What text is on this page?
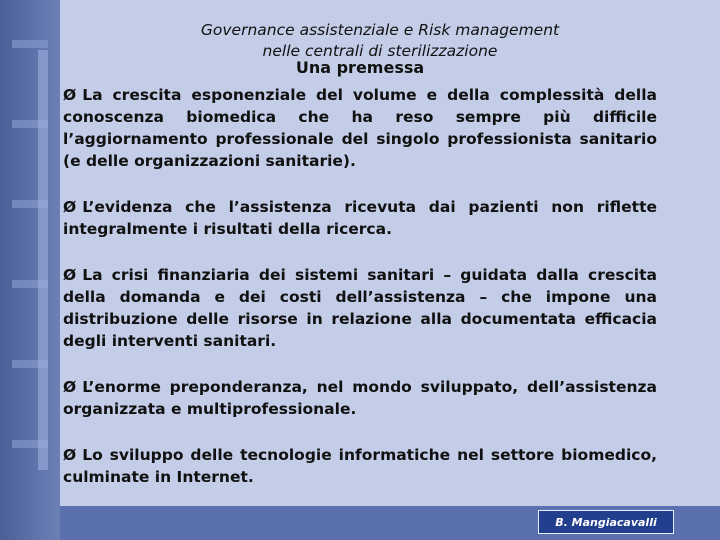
Governance assistenziale e Risk management
nelle centrali di sterilizzazione
Una premessa

Ø La crescita esponenziale del volume e della complessità della conoscenza biomedica che ha reso sempre più difficile l’aggiornamento professionale del singolo professionista sanitario (e delle organizzazioni sanitarie).

Ø L’evidenza che l’assistenza ricevuta dai pazienti non riflette integralmente i risultati della ricerca.

Ø La crisi finanziaria dei sistemi sanitari – guidata dalla crescita della domanda e dei costi dell’assistenza – che impone una distribuzione delle risorse in relazione alla documentata efficacia degli interventi sanitari.

Ø L’enorme preponderanza, nel mondo sviluppato, dell’assistenza organizzata e multiprofessionale.

Ø Lo sviluppo delle tecnologie informatiche nel settore biomedico, culminate in Internet.

B. Mangiacavalli
